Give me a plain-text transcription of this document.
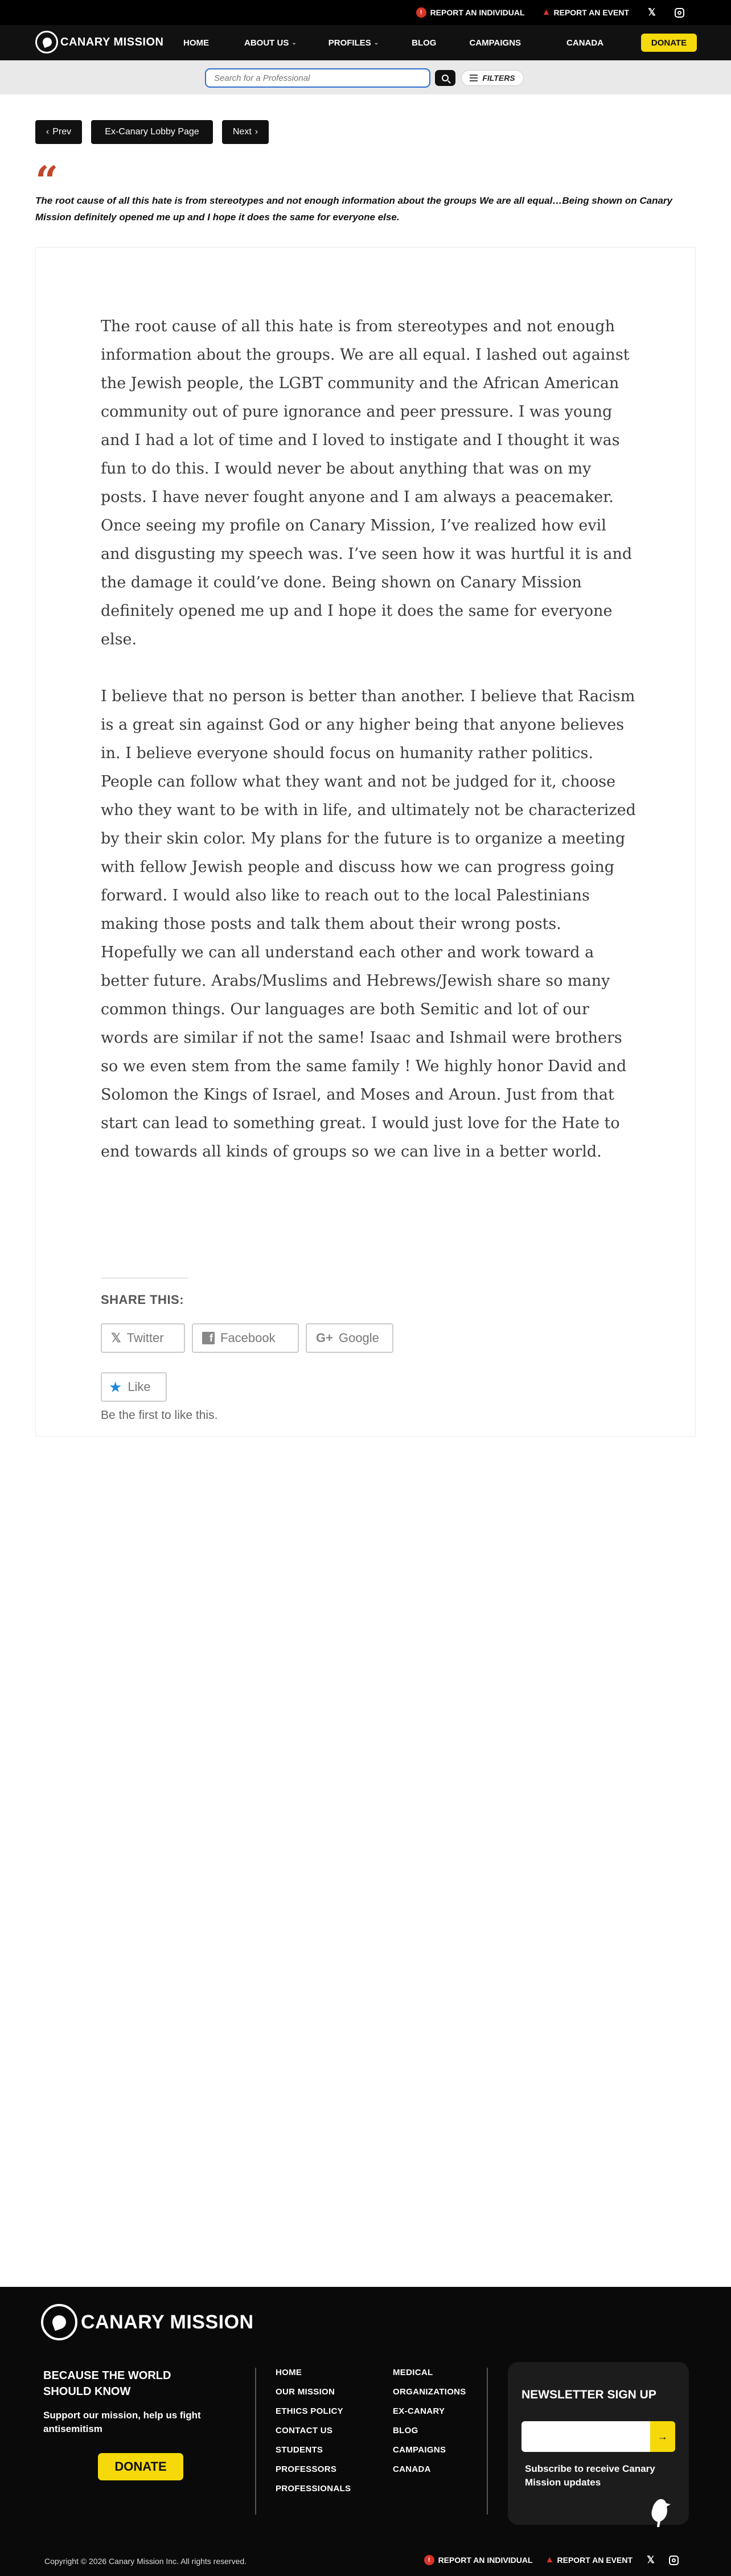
!	REPORT AN INDIVIDUAL ▲ REPORT AN EVENT 𝕏
CANARY MISSION HOME	ABOUT US ⌄	PROFILES ⌄	BLOG	CAMPAIGNS	CANADA	DONATE
Search for a Professional
FILTERS
‹ Prev	Ex-Canary Lobby Page	Next ›
“
The root cause of all this hate is from stereotypes and not enough information about the groups We are all equal…Being shown on Canary Mission definitely opened me up and I hope it does the same for everyone else.

The root cause of all this hate is from stereotypes and not enough information about the groups. We are all equal. I lashed out against the Jewish people, the LGBT community and the African American community out of pure ignorance and peer pressure. I was young and I had a lot of time and I loved to instigate and I thought it was fun to do this. I would never be about anything that was on my posts. I have never fought anyone and I am always a peacemaker. Once seeing my profile on Canary Mission, I’ve realized how evil and disgusting my speech was. I’ve seen how it was hurtful it is and the damage it could’ve done. Being shown on Canary Mission definitely opened me up and I hope it does the same for everyone else.

I believe that no person is better than another. I believe that Racism is a great sin against God or any higher being that anyone believes in. I believe everyone should focus on humanity rather politics. People can follow what they want and not be judged for it, choose who they want to be with in life, and ultimately not be characterized by their skin color. My plans for the future is to organize a meeting with fellow Jewish people and discuss how we can progress going forward. I would also like to reach out to the local Palestinians making those posts and talk them about their wrong posts. Hopefully we can all understand each other and work toward a better future. Arabs/Muslims and Hebrews/Jewish share so many common things. Our languages are both Semitic and lot of our words are similar if not the same! Isaac and Ishmail were brothers so we even stem from the same family ! We highly honor David and Solomon the Kings of Israel, and Moses and Aroun. Just from that start can lead to something great. I would just love for the Hate to end towards all kinds of groups so we can live in a better world.

SHARE THIS:
𝕏 Twitter	f Facebook	G+ Google
★ Like
Be the first to like this.
CANARY MISSION
BECAUSE THE WORLD SHOULD KNOW
Support our mission, help us fight antisemitism
DONATE
HOME
OUR MISSION
ETHICS POLICY
CONTACT US
STUDENTS
PROFESSORS
PROFESSIONALS
MEDICAL
ORGANIZATIONS
EX-CANARY
BLOG
CAMPAIGNS
CANADA
NEWSLETTER SIGN UP
→
Subscribe to receive Canary Mission updates
Copyright © 2026 Canary Mission Inc. All rights reserved.	!	REPORT AN INDIVIDUAL ▲ REPORT AN EVENT 𝕏
